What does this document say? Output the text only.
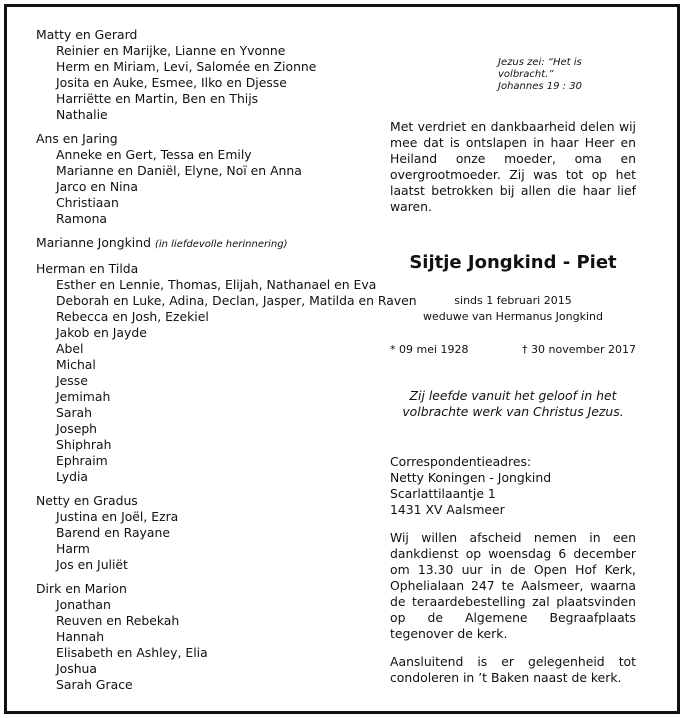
Matty en Gerard
Reinier en Marijke, Lianne en Yvonne
Herm en Miriam, Levi, Salomée en Zionne
Josita en Auke, Esmee, Ilko en Djesse
Harriëtte en Martin, Ben en Thijs
Nathalie
Ans en Jaring
Anneke en Gert, Tessa en Emily
Marianne en Daniël, Elyne, Noï en Anna
Jarco en Nina
Christiaan
Ramona
Marianne Jongkind (in liefdevolle herinnering)
Herman en Tilda
Esther en Lennie, Thomas, Elijah, Nathanael en Eva
Deborah en Luke, Adina, Declan, Jasper, Matilda en Raven
Rebecca en Josh, Ezekiel
Jakob en Jayde
Abel
Michal
Jesse
Jemimah
Sarah
Joseph
Shiphrah
Ephraim
Lydia
Netty en Gradus
Justina en Joël, Ezra
Barend en Rayane
Harm
Jos en Juliët
Dirk en Marion
Jonathan
Reuven en Rebekah
Hannah
Elisabeth en Ashley, Elia
Joshua
Sarah Grace
Jezus zei: “Het is volbracht.”
Johannes 19 : 30
Met verdriet en dankbaarheid delen wij mee dat is ontslapen in haar Heer en Heiland onze moeder, oma en overgrootmoeder. Zij was tot op het laatst betrokken bij allen die haar lief waren.
Sijtje Jongkind - Piet
sinds 1 februari 2015
weduwe van Hermanus Jongkind
* 09 mei 1928	† 30 november 2017
Zij leefde vanuit het geloof in het
volbrachte werk van Christus Jezus.
Correspondentieadres:
Netty Koningen - Jongkind
Scarlattilaantje 1
1431 XV Aalsmeer
Wij willen afscheid nemen in een dankdienst op woensdag 6 december om 13.30 uur in de Open Hof Kerk, Ophelialaan 247 te Aalsmeer, waarna de teraardebestelling zal plaatsvinden op de Algemene Begraafplaats tegenover de kerk.
Aansluitend is er gelegenheid tot condoleren in ’t Baken naast de kerk.
